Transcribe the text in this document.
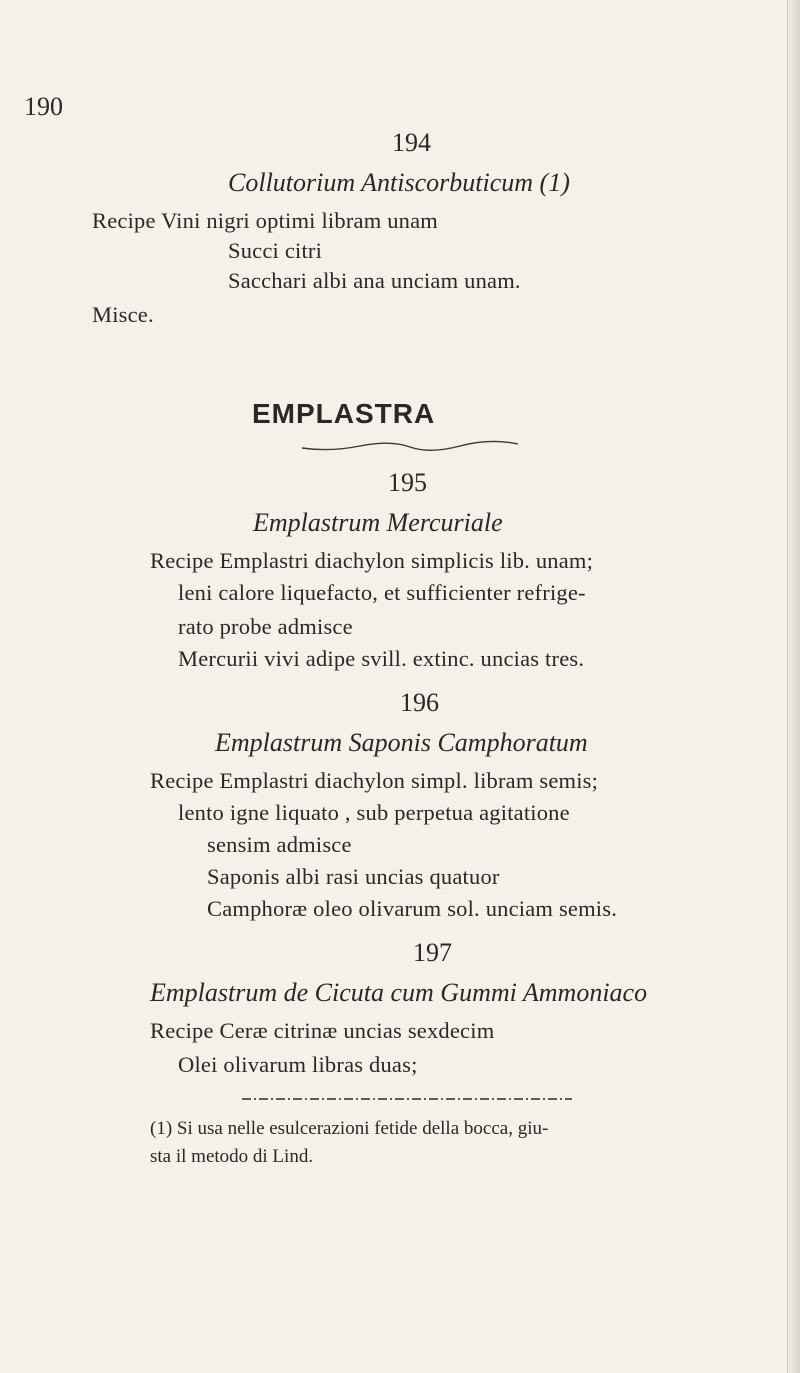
190
194
Collutorium Antiscorbuticum (1)
Recipe Vini nigri optimi libram unam
Succi citri
Sacchari albi ana unciam unam.
Misce.
EMPLASTRA
195
Emplastrum Mercuriale
Recipe Emplastri diachylon simplicis lib. unam;
leni calore liquefacto, et sufficienter refrige-
rato probe admisce
Mercurii vivi adipe svill. extinc. uncias tres.
196
Emplastrum Saponis Camphoratum
Recipe Emplastri diachylon simpl. libram semis;
lento igne liquato , sub perpetua agitatione
sensim admisce
Saponis albi rasi uncias quatuor
Camphoræ oleo olivarum sol. unciam semis.
197
Emplastrum de Cicuta cum Gummi Ammoniaco
Recipe Ceræ citrinæ uncias sexdecim
Olei olivarum libras duas;
(1) Si usa nelle esulcerazioni fetide della bocca, giu-
sta il metodo di Lind.
